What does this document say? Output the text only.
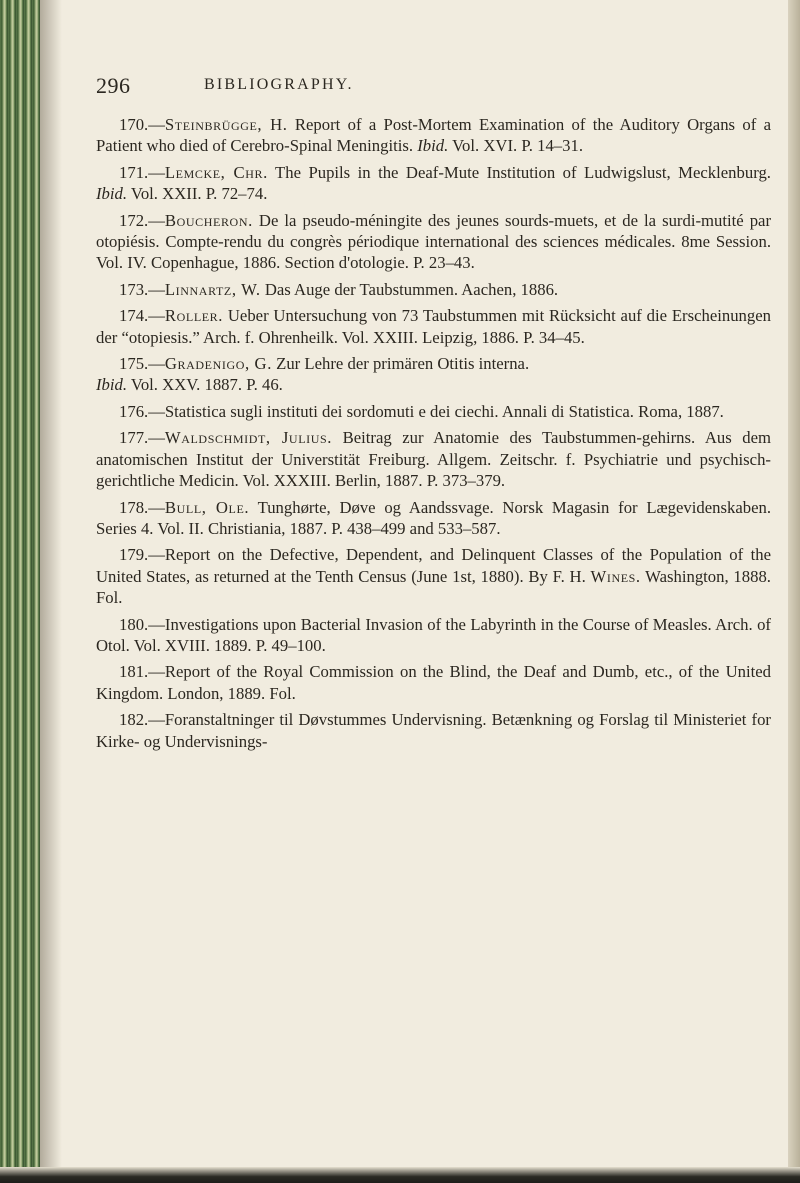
296	BIBLIOGRAPHY.

170.—Steinbrügge, H. Report of a Post-Mortem Examination of the Auditory Organs of a Patient who died of Cerebro-Spinal Meningitis. Ibid. Vol. XVI. P. 14–31.

171.—Lemcke, Chr. The Pupils in the Deaf-Mute Institution of Ludwigslust, Mecklenburg. Ibid. Vol. XXII. P. 72–74.

172.—Boucheron. De la pseudo-méningite des jeunes sourds-muets, et de la surdi-mutité par otopiésis. Compte-rendu du congrès périodique international des sciences médicales. 8me Session. Vol. IV. Copenhague, 1886. Section d'otologie. P. 23–43.

173.—Linnartz, W. Das Auge der Taubstummen. Aachen, 1886.

174.—Roller. Ueber Untersuchung von 73 Taubstummen mit Rücksicht auf die Erscheinungen der “otopiesis.” Arch. f. Ohrenheilk. Vol. XXIII. Leipzig, 1886. P. 34–45.

175.—Gradenigo, G. Zur Lehre der primären Otitis interna.
Ibid. Vol. XXV. 1887. P. 46.

176.—Statistica sugli instituti dei sordomuti e dei ciechi. Annali di Statistica. Roma, 1887.

177.—Waldschmidt, Julius. Beitrag zur Anatomie des Taubstummen-gehirns. Aus dem anatomischen Institut der Universtität Freiburg. Allgem. Zeitschr. f. Psychiatrie und psychisch-gerichtliche Medicin. Vol. XXXIII. Berlin, 1887. P. 373–379.

178.—Bull, Ole. Tunghørte, Døve og Aandssvage. Norsk Magasin for Lægevidenskaben. Series 4. Vol. II. Christiania, 1887. P. 438–499 and 533–587.

179.—Report on the Defective, Dependent, and Delinquent Classes of the Population of the United States, as returned at the Tenth Census (June 1st, 1880). By F. H. Wines. Washington, 1888. Fol.

180.—Investigations upon Bacterial Invasion of the Labyrinth in the Course of Measles. Arch. of Otol. Vol. XVIII. 1889. P. 49–100.

181.—Report of the Royal Commission on the Blind, the Deaf and Dumb, etc., of the United Kingdom. London, 1889. Fol.

182.—Foranstaltninger til Døvstummes Undervisning. Betænkning og Forslag til Ministeriet for Kirke- og Undervisnings-
